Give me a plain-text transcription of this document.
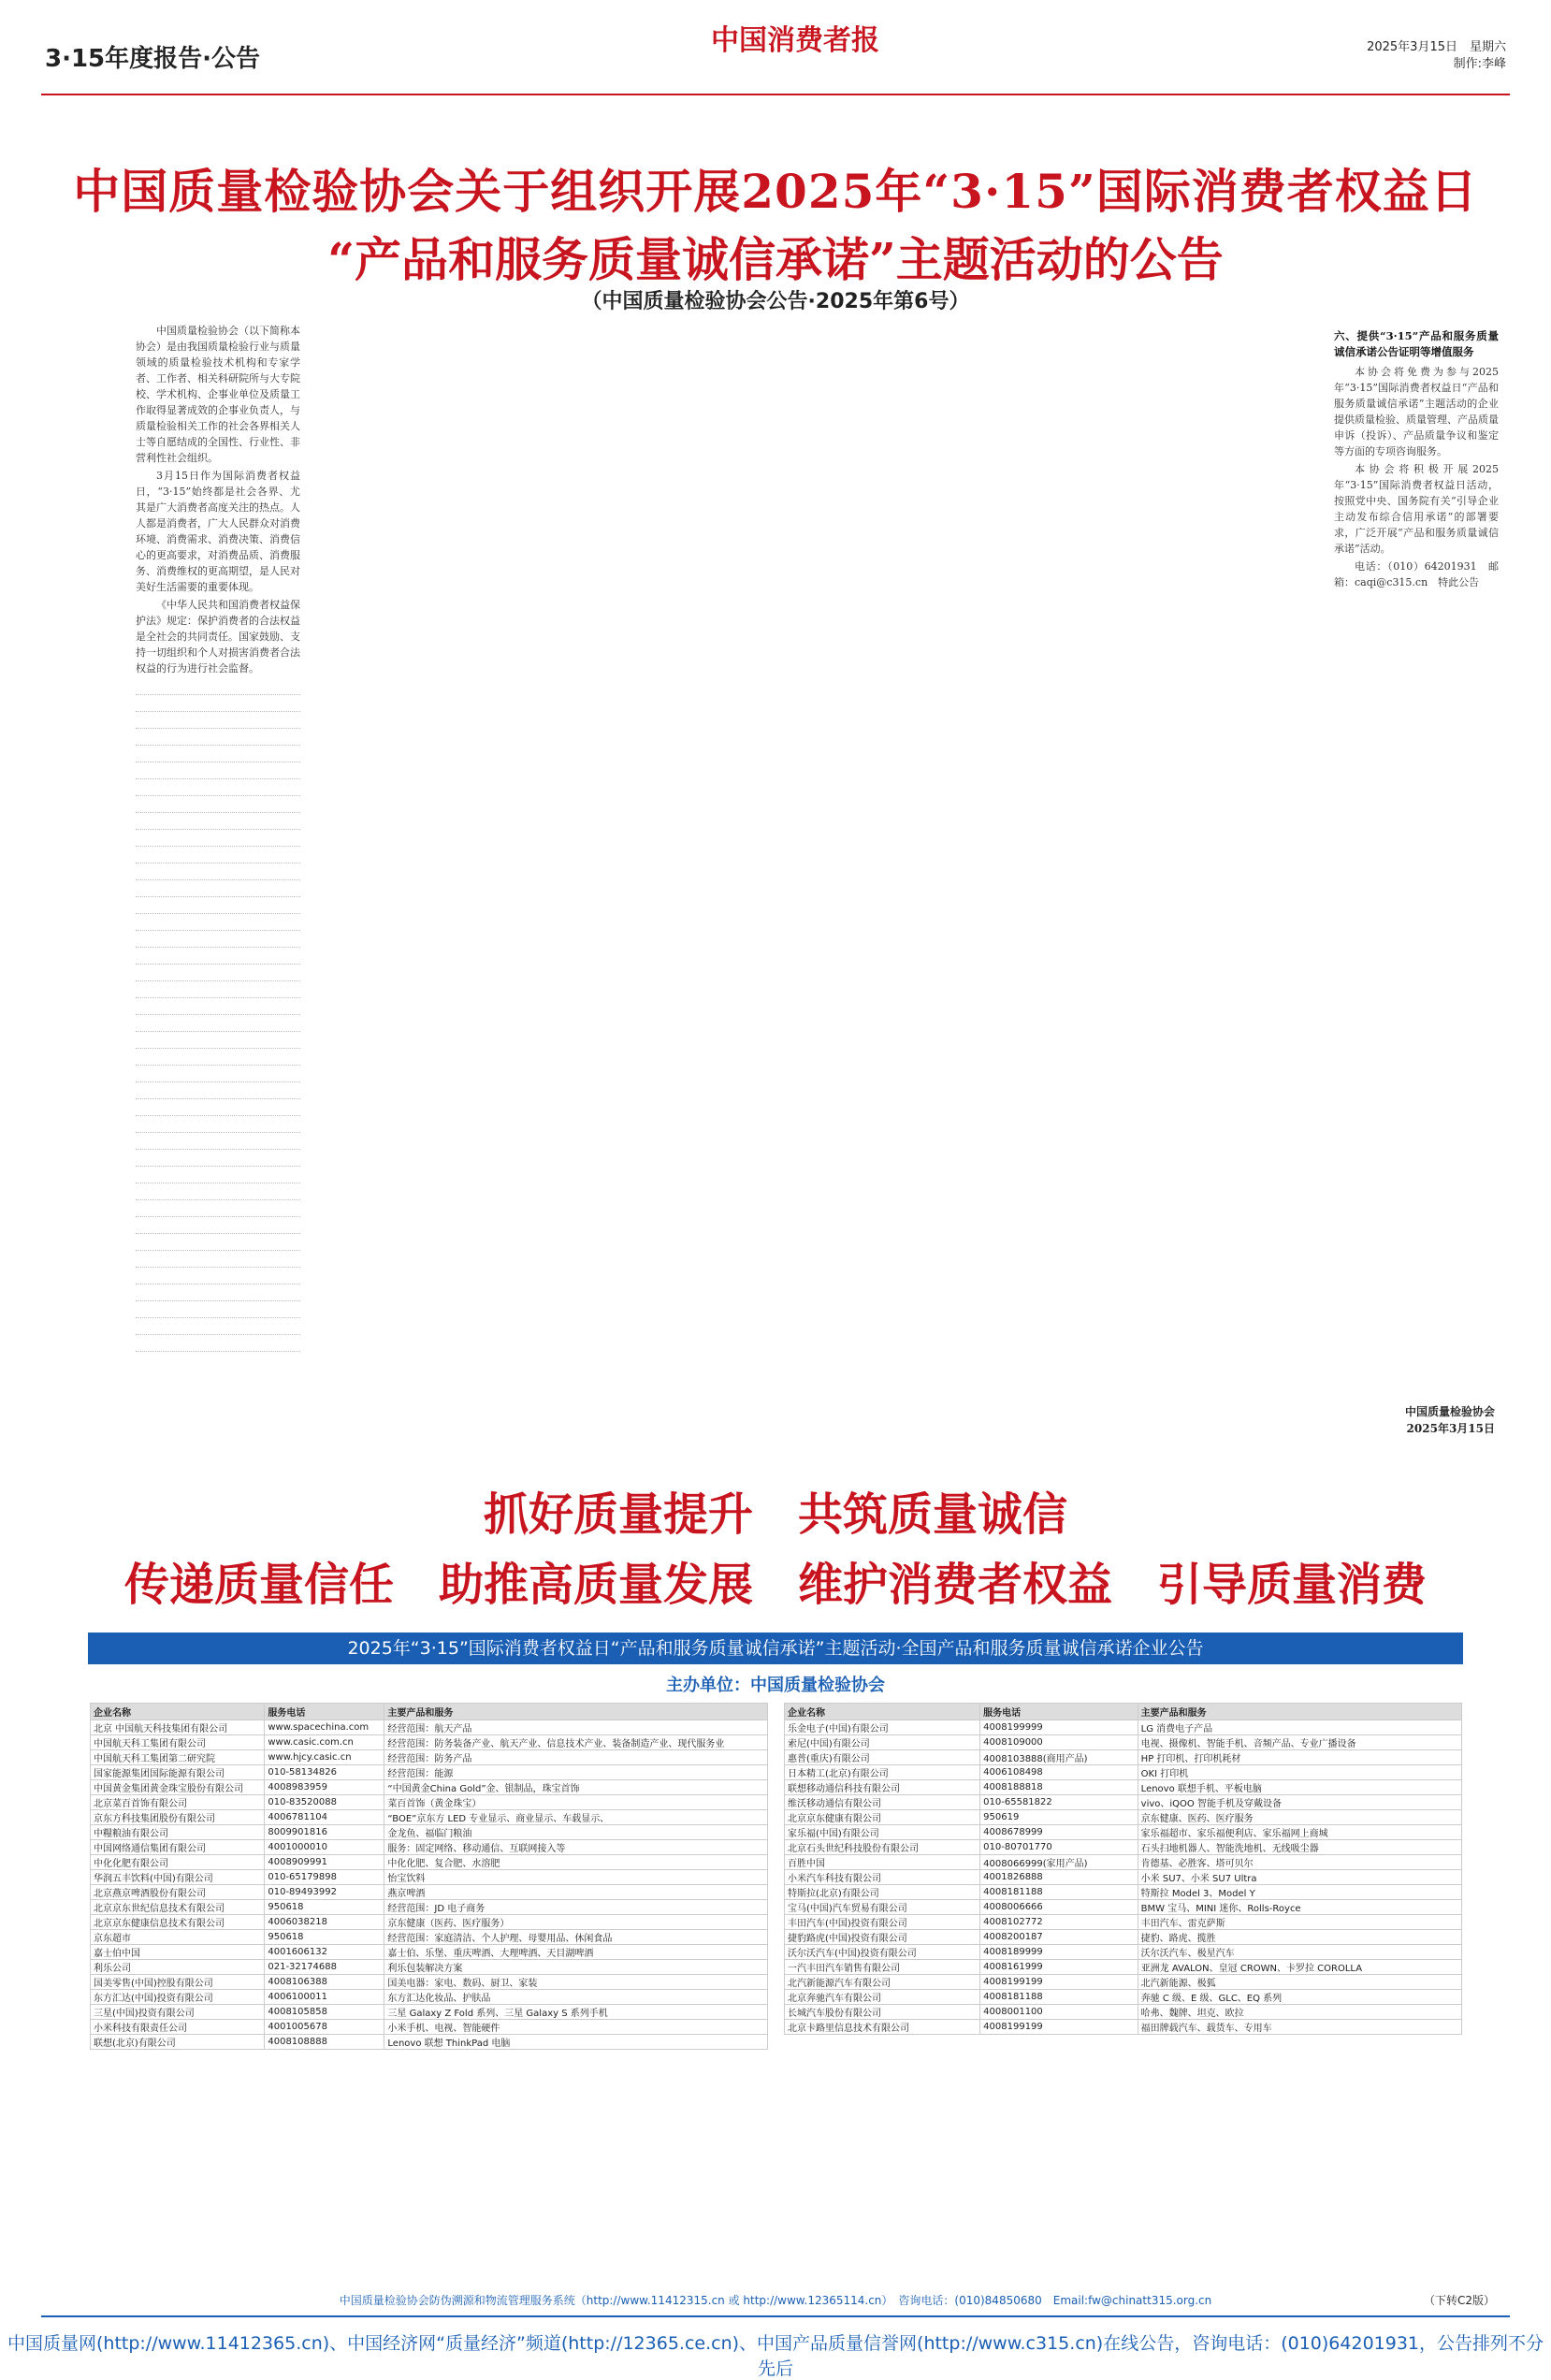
3·15年度报告·公告
中国消费者报	2025年3月15日　星期六
制作:李峰
中国质量检验协会关于组织开展2025年“3·15”国际消费者权益日
“产品和服务质量诚信承诺”主题活动的公告
（中国质量检验协会公告·2025年第6号）
中国质量检验协会（以下简称本协会）是由我国质量检验行业与质量领域的质量检验技术机构和专家学者、工作者、相关科研院所与大专院校、学术机构、企事业单位及质量工作取得显著成效的企事业负责人，与质量检验相关工作的社会各界相关人士等自愿结成的全国性、行业性、非营利性社会组织。
3月15日作为国际消费者权益日，“3·15”始终都是社会各界、尤其是广大消费者高度关注的热点。人人都是消费者，广大人民群众对消费环境、消费需求、消费决策、消费信心的更高要求，对消费品质、消费服务、消费维权的更高期望，是人民对美好生活需要的重要体现。
《中华人民共和国消费者权益保护法》规定：保护消费者的合法权益是全社会的共同责任。国家鼓励、支持一切组织和个人对损害消费者合法权益的行为进行社会监督。
六、提供“3·15”产品和服务质量诚信承诺公告证明等增值服务
本协会将免费为参与2025年“3·15”国际消费者权益日“产品和服务质量诚信承诺”主题活动的企业提供质量检验、质量管理、产品质量申诉（投诉）、产品质量争议和鉴定等方面的专项咨询服务。
本协会将积极开展2025年“3·15”国际消费者权益日活动，按照党中央、国务院有关“引导企业主动发布综合信用承诺”的部署要求，广泛开展“产品和服务质量诚信承诺”活动。
电话：（010）64201931　邮箱：caqi@c315.cn　特此公告
中国质量检验协会
2025年3月15日
抓好质量提升　共筑质量诚信
传递质量信任　助推高质量发展　维护消费者权益　引导质量消费
2025年“3·15”国际消费者权益日“产品和服务质量诚信承诺”主题活动·全国产品和服务质量诚信承诺企业公告
主办单位：中国质量检验协会
企业名称	服务电话	主要产品和服务
北京 中国航天科技集团有限公司	www.spacechina.com	经营范围：航天产品
中国航天科工集团有限公司	www.casic.com.cn	经营范围：防务装备产业、航天产业、信息技术产业、装备制造产业、现代服务业
中国航天科工集团第二研究院	www.hjcy.casic.cn	经营范围：防务产品
国家能源集团国际能源有限公司	010-58134826	经营范围：能源
中国黄金集团黄金珠宝股份有限公司	4008983959	“中国黄金China Gold”金、银制品，珠宝首饰
北京菜百首饰有限公司	010-83520088	菜百首饰（黄金珠宝）
京东方科技集团股份有限公司	4006781104	“BOE”京东方 LED 专业显示、商业显示、车载显示、
中糧粮油有限公司	8009901816	金龙鱼、福临门粮油
中国网络通信集团有限公司	4001000010	服务：固定网络、移动通信、互联网接入等
中化化肥有限公司	4008909991	中化化肥、复合肥、水溶肥
华润五丰饮料(中国)有限公司	010-65179898	怡宝饮料
北京燕京啤酒股份有限公司	010-89493992	燕京啤酒
北京京东世纪信息技术有限公司	950618	经营范围：JD 电子商务
北京京东健康信息技术有限公司	4006038218	京东健康（医药、医疗服务）
京东超市	950618	经营范围：家庭清洁、个人护理、母婴用品、休闲食品
嘉士伯中国	4001606132	嘉士伯、乐堡、重庆啤酒、大理啤酒、天目湖啤酒
利乐公司	021-32174688	利乐包装解决方案
国美零售(中国)控股有限公司	4008106388	国美电器：家电、数码、厨卫、家装
东方汇达(中国)投资有限公司	4006100011	东方汇达化妆品、护肤品
三星(中国)投资有限公司	4008105858	三星 Galaxy Z Fold 系列、三星 Galaxy S 系列手机
小米科技有限责任公司	4001005678	小米手机、电视、智能硬件
联想(北京)有限公司	4008108888	Lenovo 联想 ThinkPad 电脑
企业名称	服务电话	主要产品和服务
乐金电子(中国)有限公司	4008199999	LG 消费电子产品
索尼(中国)有限公司	4008109000	电视、摄像机、智能手机、音频产品、专业广播设备
惠普(重庆)有限公司	4008103888(商用产品)	HP 打印机、打印机耗材
日本精工(北京)有限公司	4006108498	OKI 打印机
联想移动通信科技有限公司	4008188818	Lenovo 联想手机、平板电脑
维沃移动通信有限公司	010-65581822	vivo、iQOO 智能手机及穿戴设备
北京京东健康有限公司	950619	京东健康、医药、医疗服务
家乐福(中国)有限公司	4008678999	家乐福超市、家乐福便利店、家乐福网上商城
北京石头世纪科技股份有限公司	010-80701770	石头扫地机器人、智能洗地机、无线吸尘器
百胜中国	4008066999(家用产品)	肯德基、必胜客、塔可贝尔
小米汽车科技有限公司	4001826888	小米 SU7、小米 SU7 Ultra
特斯拉(北京)有限公司	4008181188	特斯拉 Model 3、Model Y
宝马(中国)汽车贸易有限公司	4008006666	BMW 宝马、MINI 迷你、Rolls-Royce
丰田汽车(中国)投资有限公司	4008102772	丰田汽车、雷克萨斯
捷豹路虎(中国)投资有限公司	4008200187	捷豹、路虎、揽胜
沃尔沃汽车(中国)投资有限公司	4008189999	沃尔沃汽车、极星汽车
一汽丰田汽车销售有限公司	4008161999	亚洲龙 AVALON、皇冠 CROWN、卡罗拉 COROLLA
北汽新能源汽车有限公司	4008199199	北汽新能源、极狐
北京奔驰汽车有限公司	4008181188	奔驰 C 级、E 级、GLC、EQ 系列
长城汽车股份有限公司	4008001100	哈弗、魏牌、坦克、欧拉
北京卡路里信息技术有限公司	4008199199	福田牌载汽车、载货车、专用车
中国质量检验协会防伪溯源和物流管理服务系统（http://www.11412315.cn 或 http://www.12365114.cn）　咨询电话：(010)84850680　Email:fw@chinatt315.org.cn	（下转C2版）
中国质量网(http://www.11412365.cn)、中国经济网“质量经济”频道(http://12365.ce.cn)、中国产品质量信誉网(http://www.c315.cn)在线公告，咨询电话：(010)64201931，公告排列不分先后
